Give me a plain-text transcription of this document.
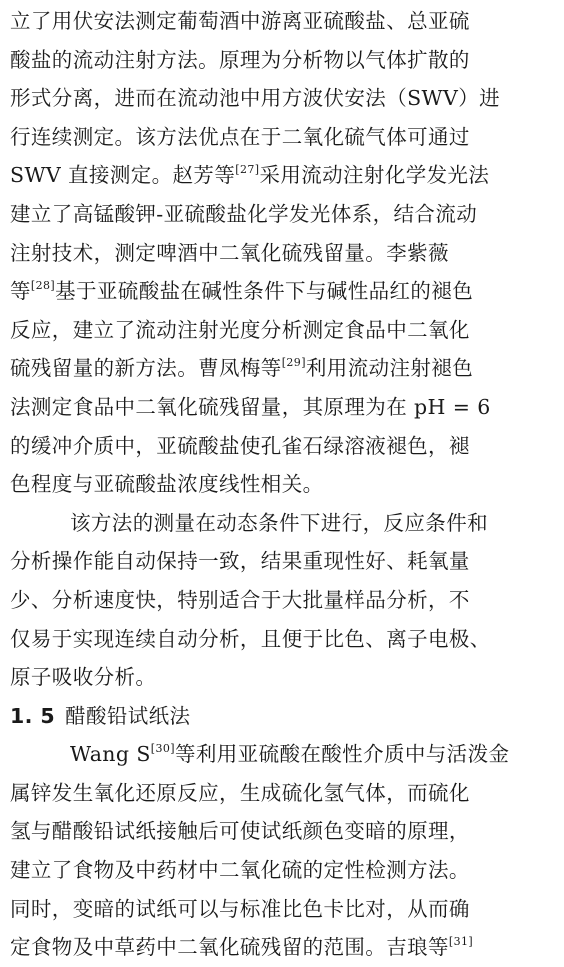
立了用伏安法测定葡萄酒中游离亚硫酸盐、总亚硫
酸盐的流动注射方法。原理为分析物以气体扩散的
形式分离，进而在流动池中用方波伏安法（SWV）进
行连续测定。该方法优点在于二氧化硫气体可通过
SWV 直接测定。赵芳等[27]采用流动注射化学发光法
建立了高锰酸钾-亚硫酸盐化学发光体系，结合流动
注射技术，测定啤酒中二氧化硫残留量。李紫薇
等[28]基于亚硫酸盐在碱性条件下与碱性品红的褪色
反应，建立了流动注射光度分析测定食品中二氧化
硫残留量的新方法。曹凤梅等[29]利用流动注射褪色
法测定食品中二氧化硫残留量，其原理为在 pH = 6
的缓冲介质中，亚硫酸盐使孔雀石绿溶液褪色，褪
色程度与亚硫酸盐浓度线性相关。
该方法的测量在动态条件下进行，反应条件和
分析操作能自动保持一致，结果重现性好、耗氧量
少、分析速度快，特别适合于大批量样品分析，不
仅易于实现连续自动分析，且便于比色、离子电极、
原子吸收分析。
1. 5 醋酸铅试纸法
Wang S[30]等利用亚硫酸在酸性介质中与活泼金
属锌发生氧化还原反应，生成硫化氢气体，而硫化
氢与醋酸铅试纸接触后可使试纸颜色变暗的原理，
建立了食物及中药材中二氧化硫的定性检测方法。
同时，变暗的试纸可以与标准比色卡比对，从而确
定食物及中草药中二氧化硫残留的范围。吉琅等[31]
